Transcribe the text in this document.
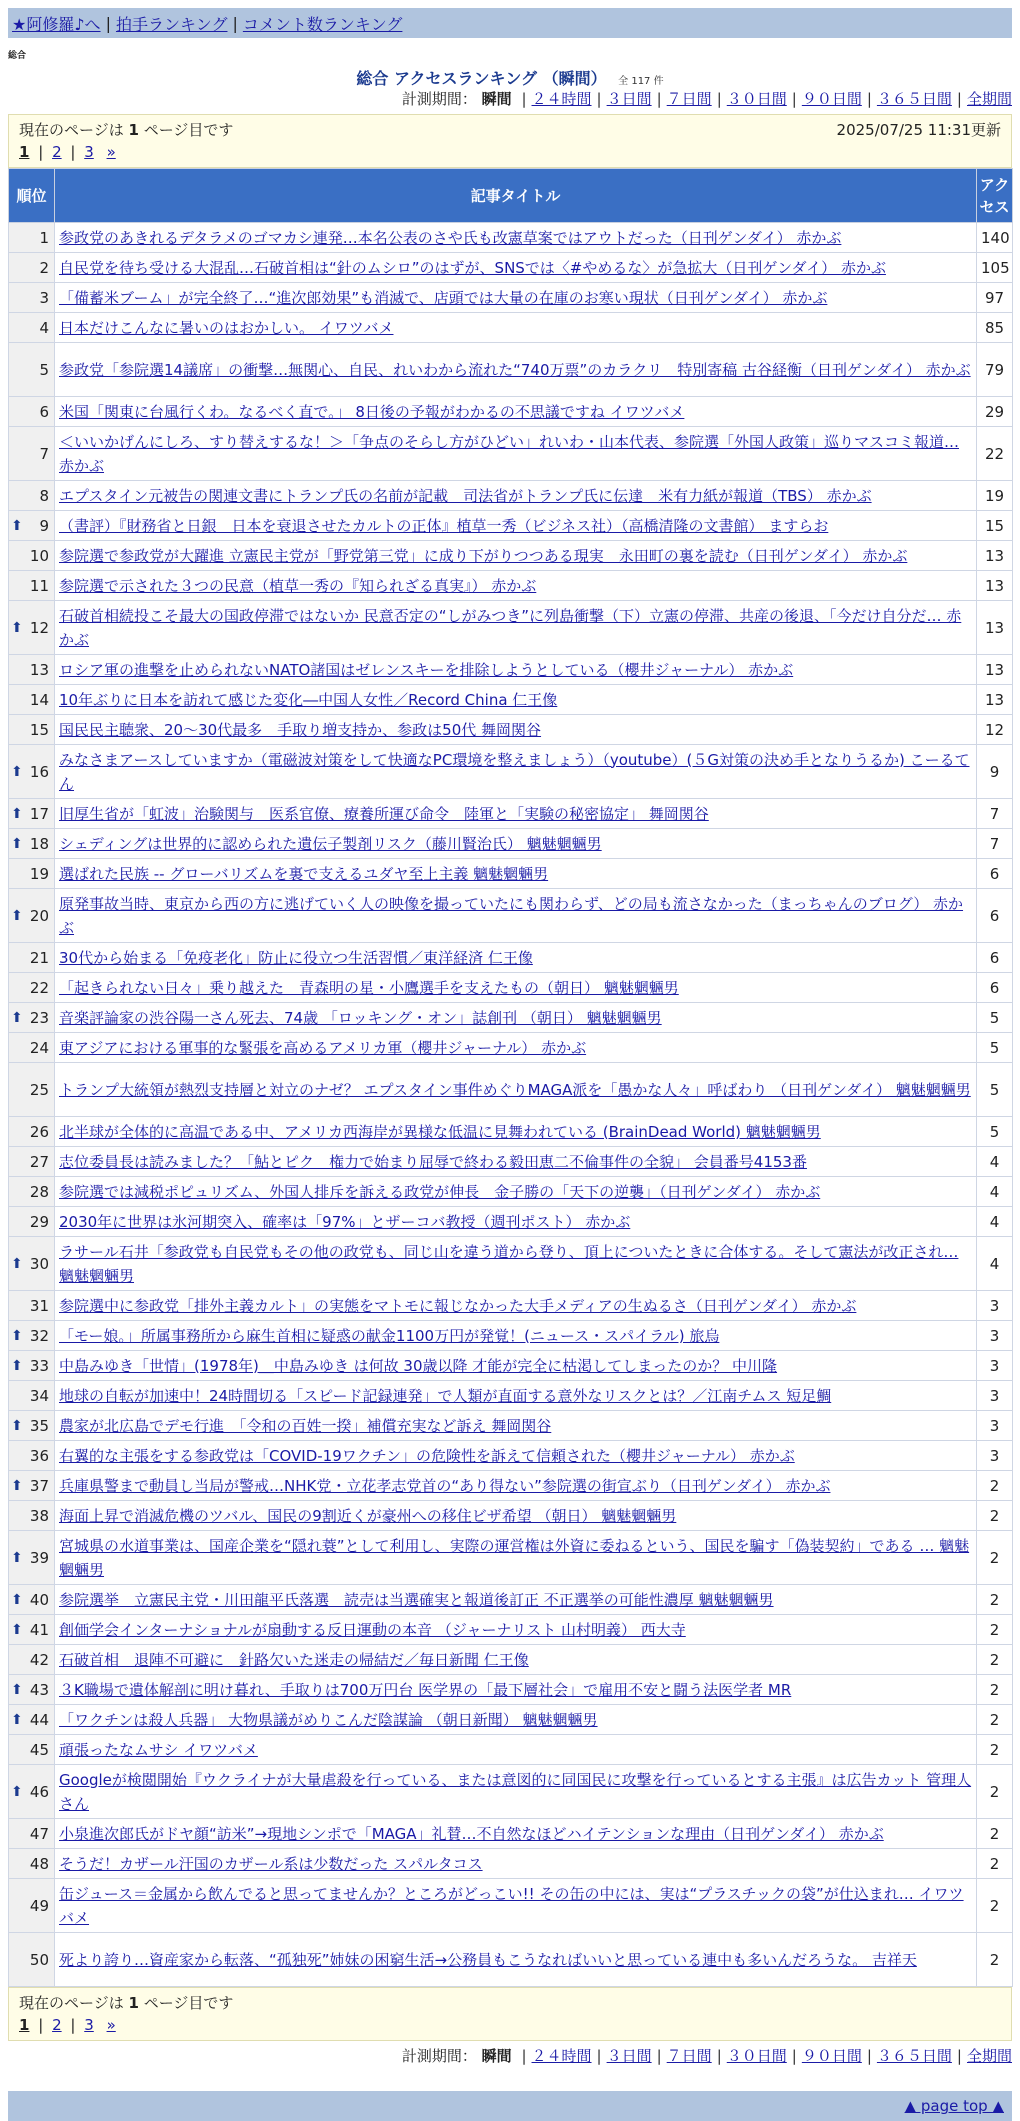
★阿修羅♪へ | 拍手ランキング | コメント数ランキング
総合
総合 アクセスランキング （瞬間） 全 117 件
計測期間： 瞬間 | ２４時間 | ３日間 | ７日間 | ３０日間 | ９０日間 | ３６５日間 | 全期間
現在のページは 1 ページ目です	2025/07/25 11:31更新
1 | 2 | 3 »
順位	記事タイトル	アクセス
1	参政党のあきれるデタラメのゴマカシ連発…本名公表のさや氏も改憲草案ではアウトだった（日刊ゲンダイ） 赤かぶ	140
2	自民党を待ち受ける大混乱…石破首相は“針のムシロ”のはずが、SNSでは〈#やめるな〉が急拡大（日刊ゲンダイ） 赤かぶ	105
3	「備蓄米ブーム」が完全終了…“進次郎効果”も消滅で、店頭では大量の在庫のお寒い現状（日刊ゲンダイ） 赤かぶ	97
4	日本だけこんなに暑いのはおかしい。 イワツバメ	85
5	参政党「参院選14議席」の衝撃…無関心、自民、れいわから流れた“740万票”のカラクリ　特別寄稿 古谷経衡（日刊ゲンダイ） 赤かぶ	79
6	米国「関東に台風行くわ。なるべく直で。」 8日後の予報がわかるの不思議ですね イワツバメ	29
7	＜いいかげんにしろ、すり替えするな！＞「争点のそらし方がひどい」れいわ・山本代表、参院選「外国人政策」巡りマスコミ報道… 赤かぶ	22
8	エプスタイン元被告の関連文書にトランプ氏の名前が記載　司法省がトランプ氏に伝達　米有力紙が報道（TBS） 赤かぶ	19

⬆ 9	（書評）『財務省と日銀　日本を衰退させたカルトの正体』植草一秀（ビジネス社）（高橋清隆の文書館） ますらお	15
10	参院選で参政党が大躍進 立憲民主党が「野党第三党」に成り下がりつつある現実　永田町の裏を読む（日刊ゲンダイ） 赤かぶ	13
11	参院選で示された３つの民意（植草一秀の『知られざる真実』） 赤かぶ	13

⬆ 12	石破首相続投こそ最大の国政停滞ではないか 民意否定の“しがみつき”に列島衝撃（下）立憲の停滞、共産の後退、「今だけ自分だ… 赤かぶ	13
13	ロシア軍の進撃を止められないNATO諸国はゼレンスキーを排除しようとしている（櫻井ジャーナル） 赤かぶ	13
14	10年ぶりに日本を訪れて感じた変化―中国人女性／Record China 仁王像	13
15	国民民主聴衆、20～30代最多　手取り増支持か、参政は50代 舞岡関谷	12

⬆ 16	みなさまアースしていますか（電磁波対策をして快適なPC環境を整えましょう）（youtube）(５G対策の決め手となりうるか) こーるてん	9

⬆ 17	旧厚生省が「虹波」治験関与　医系官僚、療養所運び命令　陸軍と「実験の秘密協定」 舞岡関谷	7

⬆ 18	シェディングは世界的に認められた遺伝子製剤リスク（藤川賢治氏） 魑魅魍魎男	7
19	選ばれた民族 -- グローバリズムを裏で支えるユダヤ至上主義 魑魅魍魎男	6

⬆ 20	原発事故当時、東京から西の方に逃げていく人の映像を撮っていたにも関わらず、どの局も流さなかった（まっちゃんのブログ） 赤かぶ	6
21	30代から始まる「免疫老化」防止に役立つ生活習慣／東洋経済 仁王像	6
22	「起きられない日々」乗り越えた　青森明の星・小鷹選手を支えたもの（朝日） 魑魅魍魎男	6

⬆ 23	音楽評論家の渋谷陽一さん死去、74歳 「ロッキング・オン」誌創刊 （朝日） 魑魅魍魎男	5
24	東アジアにおける軍事的な緊張を高めるアメリカ軍（櫻井ジャーナル） 赤かぶ	5
25	トランプ大統領が熱烈支持層と対立のナゼ？ エプスタイン事件めぐりMAGA派を「愚かな人々」呼ばわり （日刊ゲンダイ） 魑魅魍魎男	5
26	北半球が全体的に高温である中、アメリカ西海岸が異様な低温に見舞われている (BrainDead World) 魑魅魍魎男	5
27	志位委員長は読みました？「鮎とピク　権力で始まり屈辱で終わる毅田恵二不倫事件の全貌」 会員番号4153番	4
28	参院選では減税ポピュリズム、外国人排斥を訴える政党が伸長　金子勝の「天下の逆襲」（日刊ゲンダイ） 赤かぶ	4
29	2030年に世界は氷河期突入、確率は「97%」とザーコバ教授（週刊ポスト） 赤かぶ	4

⬆ 30	ラサール石井「参政党も自民党もその他の政党も、同じ山を違う道から登り、頂上についたときに合体する。そして憲法が改正され… 魑魅魍魎男	4
31	参院選中に参政党「排外主義カルト」の実態をマトモに報じなかった大手メディアの生ぬるさ（日刊ゲンダイ） 赤かぶ	3

⬆ 32	「モー娘。」所属事務所から麻生首相に疑惑の献金1100万円が発覚！(ニュース・スパイラル) 旅烏	3

⬆ 33	中島みゆき「世情」(1978年)＿中島みゆき は何故 30歳以降 才能が完全に枯渇してしまったのか？ 中川隆	3
34	地球の自転が加速中！24時間切る「スピード記録連発」で人類が直面する意外なリスクとは？／江南チムス 短足鯛	3

⬆ 35	農家が北広島でデモ行進　「令和の百姓一揆」補償充実など訴え 舞岡関谷	3
36	右翼的な主張をする参政党は「COVID-19ワクチン」の危険性を訴えて信頼された（櫻井ジャーナル） 赤かぶ	3

⬆ 37	兵庫県警まで動員し当局が警戒…NHK党・立花孝志党首の“あり得ない”参院選の街宣ぶり（日刊ゲンダイ） 赤かぶ	2
38	海面上昇で消滅危機のツバル、国民の9割近くが豪州への移住ビザ希望 （朝日） 魑魅魍魎男	2

⬆ 39	宮城県の水道事業は、国産企業を“隠れ蓑”として利用し、実際の運営権は外資に委ねるという、国民を騙す「偽装契約」である … 魑魅魍魎男	2

⬆ 40	参院選挙　立憲民主党・川田龍平氏落選　読売は当選確実と報道後訂正 不正選挙の可能性濃厚 魑魅魍魎男	2

⬆ 41	創価学会インターナショナルが扇動する反日運動の本音 （ジャーナリスト 山村明義） 西大寺	2
42	石破首相　退陣不可避に　針路欠いた迷走の帰結だ／毎日新聞 仁王像	2

⬆ 43	３K職場で遺体解剖に明け暮れ、手取りは700万円台 医学界の「最下層社会」で雇用不安と闘う法医学者 MR	2

⬆ 44	「ワクチンは殺人兵器」 大物県議がめりこんだ陰謀論 （朝日新聞） 魑魅魍魎男	2
45	頑張ったなムサシ イワツバメ	2

⬆ 46	Googleが検閲開始『ウクライナが大量虐殺を行っている、または意図的に同国民に攻撃を行っているとする主張』は広告カット 管理人さん	2
47	小泉進次郎氏がドヤ顔“訪米”→現地シンポで「MAGA」礼賛…不自然なほどハイテンションな理由（日刊ゲンダイ） 赤かぶ	2
48	そうだ！カザール汗国のカザール系は少数だった スパルタコス	2
49	缶ジュース＝金属から飲んでると思ってませんか？ところがどっこい!! その缶の中には、実は“プラスチックの袋”が仕込まれ… イワツバメ	2
50	死より誇り…資産家から転落、“孤独死”姉妹の困窮生活→公務員もこうなればいいと思っている連中も多いんだろうな。 吉祥天	2
現在のページは 1 ページ目です
1 | 2 | 3 »
計測期間： 瞬間 | ２４時間 | ３日間 | ７日間 | ３０日間 | ９０日間 | ３６５日間 | 全期間
▲ page top ▲
